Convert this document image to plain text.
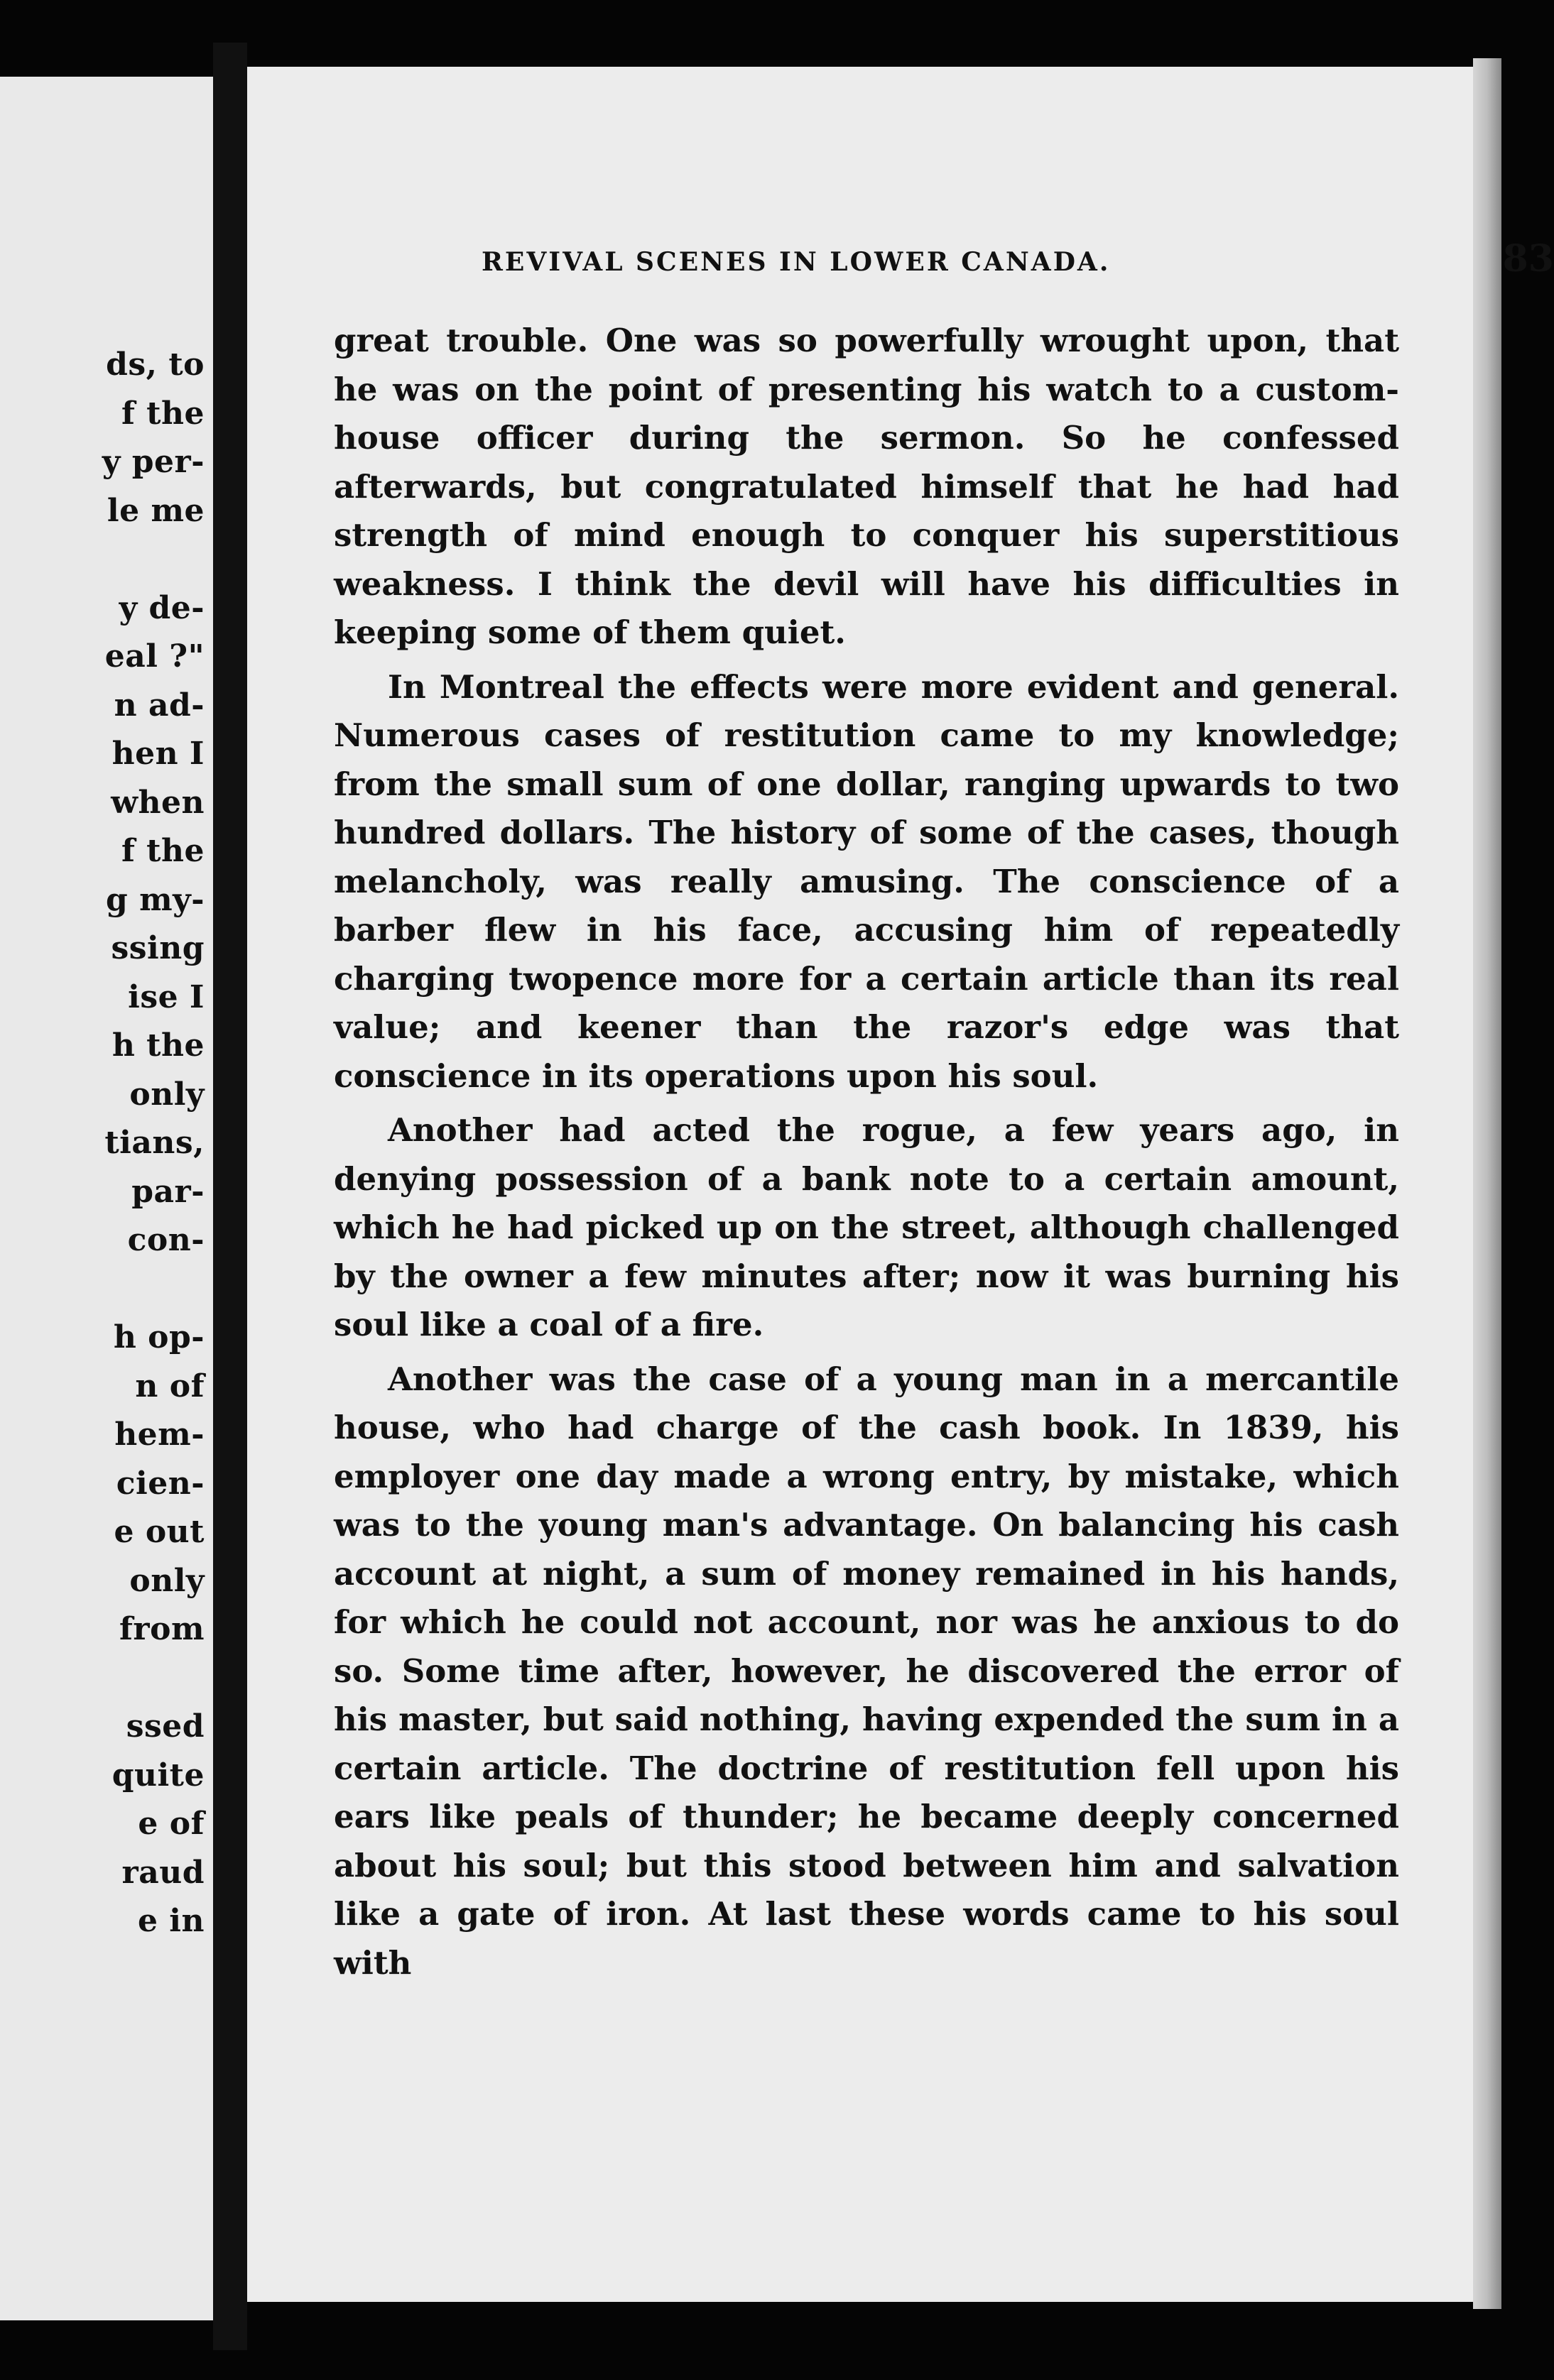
ds, to
f the
y per-
le me
y de-
eal ?"
n ad-
hen I
when
f the
g my-
ssing
ise I
h the
only
tians,
par-
con-
h op-
n of
hem-
cien-
e out
only
from
ssed
quite
e of
raud
e in
REVIVAL SCENES IN LOWER CANADA.	83

great trouble. One was so powerfully wrought upon, that he was on the point of presenting his watch to a custom-house officer during the sermon. So he confessed afterwards, but congratulated himself that he had had strength of mind enough to conquer his superstitious weakness. I think the devil will have his difficulties in keeping some of them quiet.

In Montreal the effects were more evident and general. Numerous cases of restitution came to my knowledge; from the small sum of one dollar, ranging upwards to two hundred dollars. The history of some of the cases, though melancholy, was really amusing. The conscience of a barber flew in his face, accusing him of repeatedly charging twopence more for a certain article than its real value; and keener than the razor's edge was that conscience in its operations upon his soul.

Another had acted the rogue, a few years ago, in denying possession of a bank note to a certain amount, which he had picked up on the street, although challenged by the owner a few minutes after; now it was burning his soul like a coal of a fire.

Another was the case of a young man in a mercantile house, who had charge of the cash book. In 1839, his employer one day made a wrong entry, by mistake, which was to the young man's advantage. On balancing his cash account at night, a sum of money remained in his hands, for which he could not account, nor was he anxious to do so. Some time after, however, he discovered the error of his master, but said nothing, having expended the sum in a certain article. The doctrine of restitution fell upon his ears like peals of thunder; he became deeply concerned about his soul; but this stood between him and salvation like a gate of iron. At last these words came to his soul with
